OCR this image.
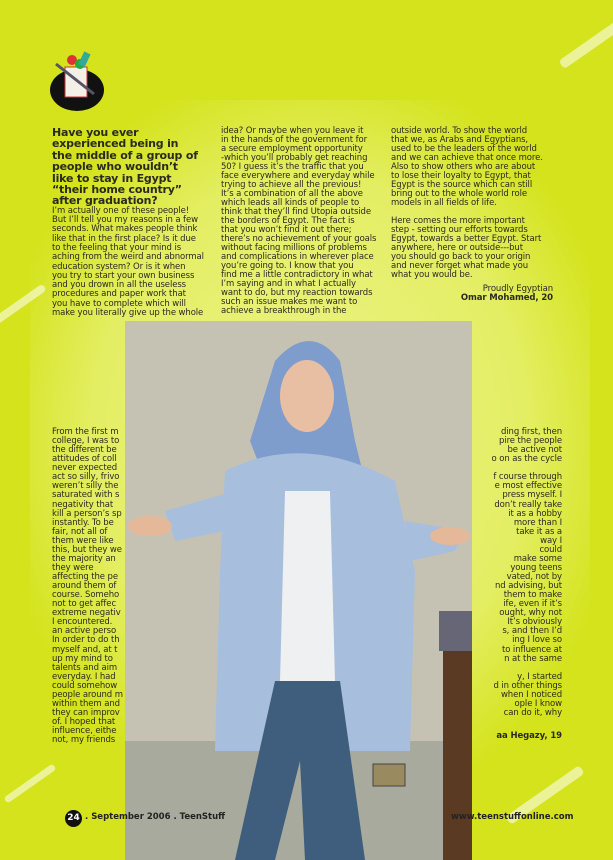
Have you ever
experienced being in
the middle of a group of
people who wouldn’t
like to stay in Egypt
“their home country”
after graduation?
I’m actually one of these people!
But I’ll tell you my reasons in a few
seconds. What makes people think
like that in the first place? Is it due
to the feeling that your mind is
aching from the weird and abnormal
education system? Or is it when
you try to start your own business
and you drown in all the useless
procedures and paper work that
you have to complete which will
make you literally give up the whole
idea? Or maybe when you leave it
in the hands of the government for
a secure employment opportunity
-which you’ll probably get reaching
50? I guess it’s the traffic that you
face everywhere and everyday while
trying to achieve all the previous!
It’s a combination of all the above
which leads all kinds of people to
think that they’ll find Utopia outside
the borders of Egypt. The fact is
that you won’t find it out there;
there’s no achievement of your goals
without facing millions of problems
and complications in wherever place
you’re going to. I know that you
find me a little contradictory in what
I’m saying and in what I actually
want to do, but my reaction towards
such an issue makes me want to
achieve a breakthrough in the
outside world. To show the world
that we, as Arabs and Egyptians,
used to be the leaders of the world
and we can achieve that once more.
Also to show others who are about
to lose their loyalty to Egypt, that
Egypt is the source which can still
bring out to the whole world role
models in all fields of life.
Here comes the more important
step - setting our efforts towards
Egypt, towards a better Egypt. Start
anywhere, here or outside---but
you should go back to your origin
and never forget what made you
what you would be.
Proudly Egyptian
Omar Mohamed, 20
From the first m
college, I was to
the different be
attitudes of coll
never expected
act so silly, frivo
weren’t silly the
saturated with s
negativity that
kill a person’s sp
instantly. To be
fair, not all of
them were like
this, but they we
the majority an
they were
affecting the pe
around them of
course. Someho
not to get affec
extreme negativ
I encountered.
an active perso
In order to do th
myself and, at t
up my mind to
talents and aim
everyday. I had
could somehow
people around m
within them and
they can improv
of. I hoped that
influence, eithe
not, my friends
ding first, then
pire the people
be active not
o on as the cycle
f course through
e most effective
press myself. I
don’t really take
it as a hobby
more than I
take it as a
way I
could
make some
young teens
vated, not by
nd advising, but
them to make
ife, even if it’s
ought, why not
It’s obviously
s, and then I’d
ing I love so
to influence at
n at the same
y, I started
d in other things
when I noticed
ople I know
can do it, why
aa Hegazy, 19
24 . September 2006 . TeenStuff	www.teenstuffonline.com
